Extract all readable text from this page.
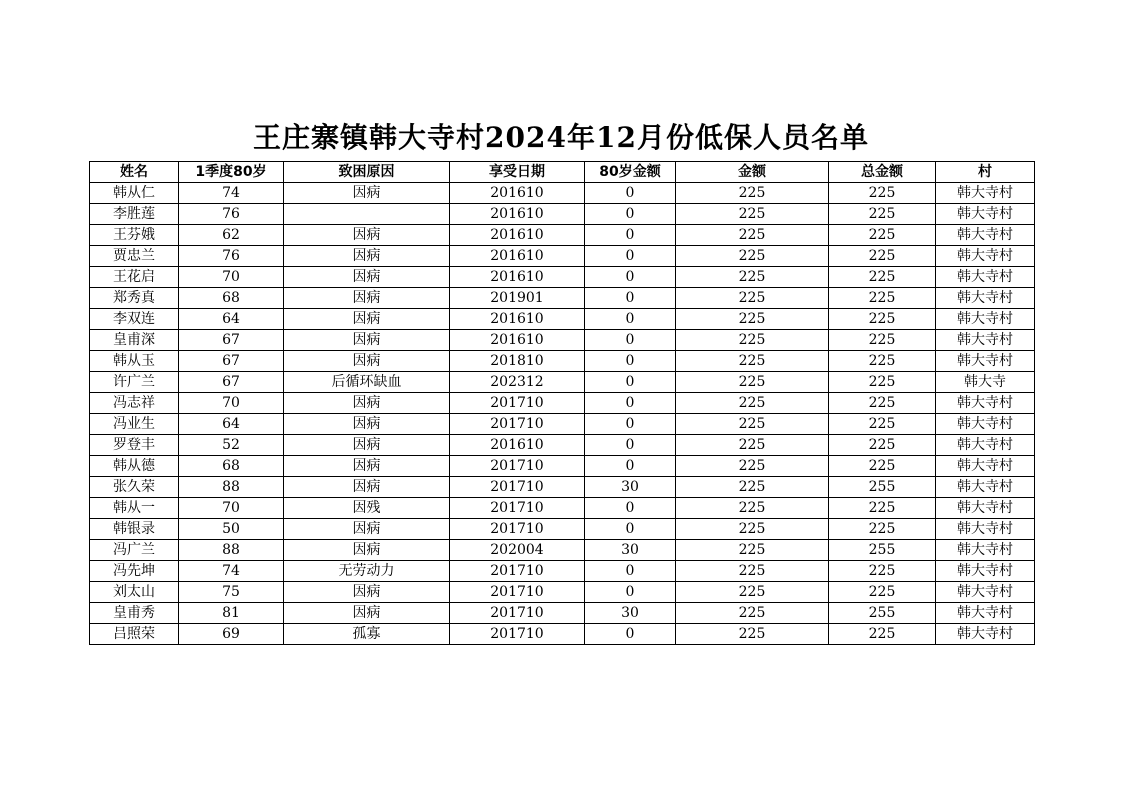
王庄寨镇韩大寺村2024年12月份低保人员名单
姓名	1季度80岁	致困原因	享受日期	80岁金额	金额	总金额	村
韩从仁	74	因病	201610	0	225	225	韩大寺村
李胜莲	76		201610	0	225	225	韩大寺村
王芬娥	62	因病	201610	0	225	225	韩大寺村
贾忠兰	76	因病	201610	0	225	225	韩大寺村
王花启	70	因病	201610	0	225	225	韩大寺村
郑秀真	68	因病	201901	0	225	225	韩大寺村
李双连	64	因病	201610	0	225	225	韩大寺村
皇甫深	67	因病	201610	0	225	225	韩大寺村
韩从玉	67	因病	201810	0	225	225	韩大寺村
许广兰	67	后循环缺血	202312	0	225	225	韩大寺
冯志祥	70	因病	201710	0	225	225	韩大寺村
冯业生	64	因病	201710	0	225	225	韩大寺村
罗登丰	52	因病	201610	0	225	225	韩大寺村
韩从德	68	因病	201710	0	225	225	韩大寺村
张久荣	88	因病	201710	30	225	255	韩大寺村
韩从一	70	因残	201710	0	225	225	韩大寺村
韩银录	50	因病	201710	0	225	225	韩大寺村
冯广兰	88	因病	202004	30	225	255	韩大寺村
冯先坤	74	无劳动力	201710	0	225	225	韩大寺村
刘太山	75	因病	201710	0	225	225	韩大寺村
皇甫秀	81	因病	201710	30	225	255	韩大寺村
吕照荣	69	孤寡	201710	0	225	225	韩大寺村
